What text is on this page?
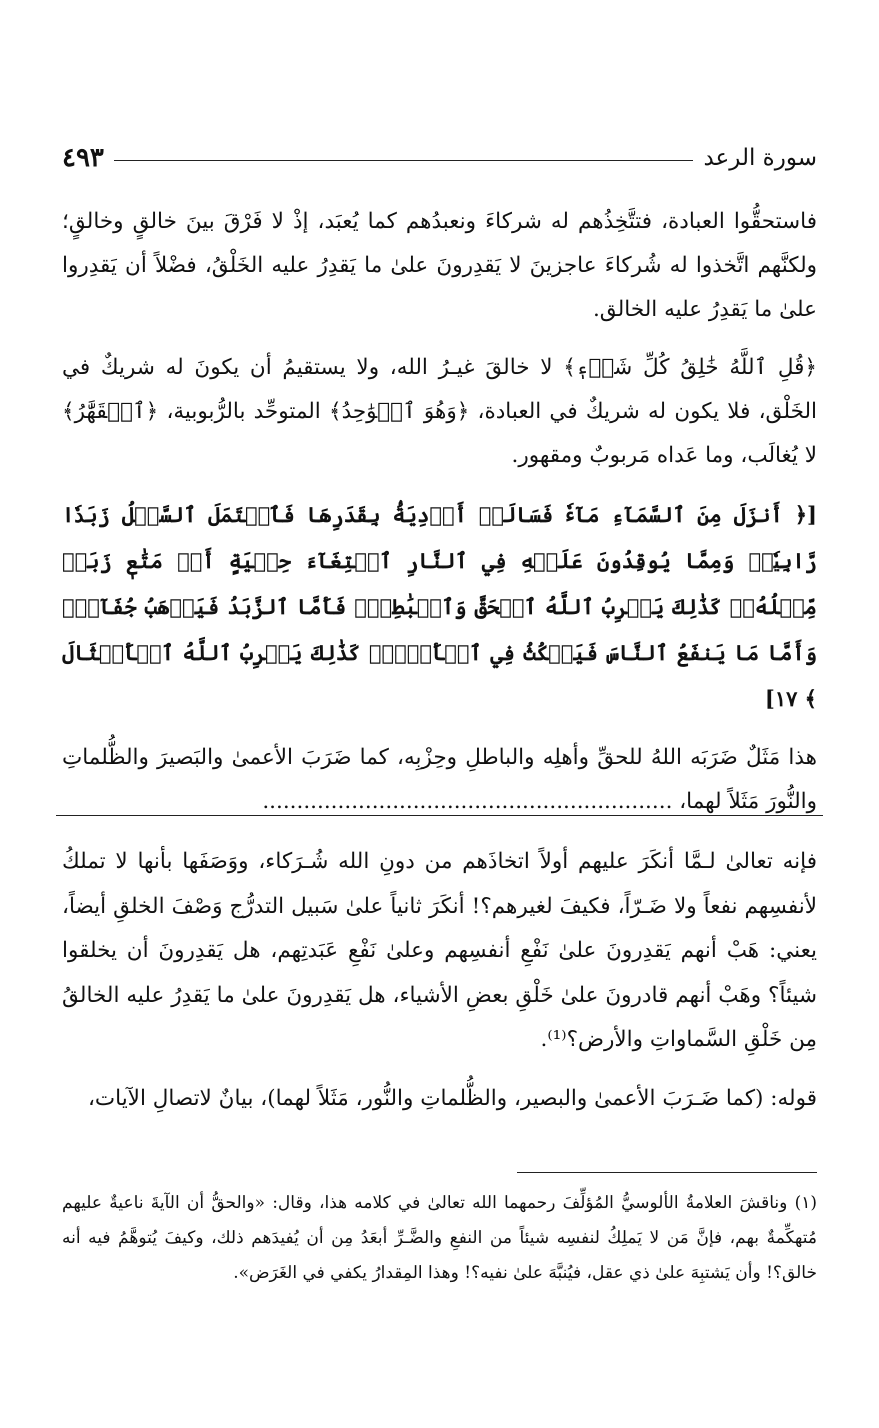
سورة الرعد
٤٩٣

فاستحقُّوا العبادة، فتتَّخِذُهم له شركاءَ ونعبدُهم كما يُعبَد، إذْ لا فَرْقَ بينَ خالقٍ وخالقٍ؛ ولكنَّهم اتَّخذوا له شُركاءَ عاجزينَ لا يَقدِرونَ علىٰ ما يَقدِرُ عليه الخَلْقُ، فضْلاً أن يَقدِروا علىٰ ما يَقدِرُ عليه الخالق.

﴿قُلِ ٱللَّهُ خَٰلِقُ كُلِّ شَيۡءٖ﴾ لا خالقَ غيـرُ الله، ولا يستقيمُ أن يكونَ له شريكٌ في الخَلْق، فلا يكون له شريكٌ في العبادة، ﴿وَهُوَ ٱلۡوَٰحِدُ﴾ المتوحِّد بالرُّبوبية، ﴿ٱلۡقَهَّٰرُ﴾ لا يُغالَب، وما عَداه مَربوبٌ ومقهور.

[﴿ أَنزَلَ مِنَ ٱلسَّمَآءِ مَآءٗ فَسَالَتۡ أَوۡدِيَةُۢ بِقَدَرِهَا فَٱحۡتَمَلَ ٱلسَّيۡلُ زَبَدٗا رَّابِيٗاۖ وَمِمَّا يُوقِدُونَ عَلَيۡهِ فِي ٱلنَّارِ ٱبۡتِغَآءَ حِلۡيَةٍ أَوۡ مَتَٰعٖ زَبَدٞ مِّثۡلُهُۥۚ كَذَٰلِكَ يَضۡرِبُ ٱللَّهُ ٱلۡحَقَّ وَٱلۡبَٰطِلَۚ فَأَمَّا ٱلزَّبَدُ فَيَذۡهَبُ جُفَآءٗۖ وَأَمَّا مَا يَنفَعُ ٱلنَّاسَ فَيَمۡكُثُ فِي ٱلۡأَرۡضِۚ كَذَٰلِكَ يَضۡرِبُ ٱللَّهُ ٱلۡأَمۡثَالَ ﴾ ١٧]

هذا مَثَلٌ ضَرَبَه اللهُ للحقِّ وأهلِه والباطلِ وحِزْبِه، كما ضَرَبَ الأعمىٰ والبَصيرَ والظُّلماتِ والنُّورَ مَثَلاً لهما، ............................................................

فإنه تعالىٰ لـمَّا أنكَرَ عليهم أولاً اتخاذَهم من دونِ الله شُـرَكاء، ووَصَفَها بأنها لا تملكُ لأنفسِهم نفعاً ولا ضَـرّاً، فكيفَ لغيرهم؟! أنكَرَ ثانياً علىٰ سَبيل التدرُّج وَصْفَ الخلقِ أيضاً، يعني: هَبْ أنهم يَقدِرونَ علىٰ نَفْعِ أنفسِهم وعلىٰ نَفْعِ عَبَدتِهم، هل يَقدِرونَ أن يخلقوا شيئاً؟ وهَبْ أنهم قادرونَ علىٰ خَلْقِ بعضِ الأشياء، هل يَقدِرونَ علىٰ ما يَقدِرُ عليه الخالقُ مِن خَلْقِ السَّماواتِ والأرض؟⁽¹⁾.

قوله: (كما ضَـرَبَ الأعمىٰ والبصير، والظُّلماتِ والنُّور، مَثَلاً لهما)، بيانٌ لاتصالِ الآيات،

(١) وناقشَ العلامةُ الألوسيُّ المُؤلِّفَ رحمهما الله تعالىٰ في كلامه هذا، وقال: «والحقُّ أن الآيةَ ناعيةٌ عليهم مُتهكِّمةٌ بهم، فإنَّ مَن لا يَملِكُ لنفسِه شيئاً من النفعِ والضَّـرِّ أبعَدُ مِن أن يُفيدَهم ذلك، وكيفَ يُتوهَّمُ فيه أنه خالق؟! وأن يَشتبِهَ علىٰ ذي عقل، فيُنبَّهَ علىٰ نفيه؟! وهذا المِقدارُ يكفي في الغَرَض».
